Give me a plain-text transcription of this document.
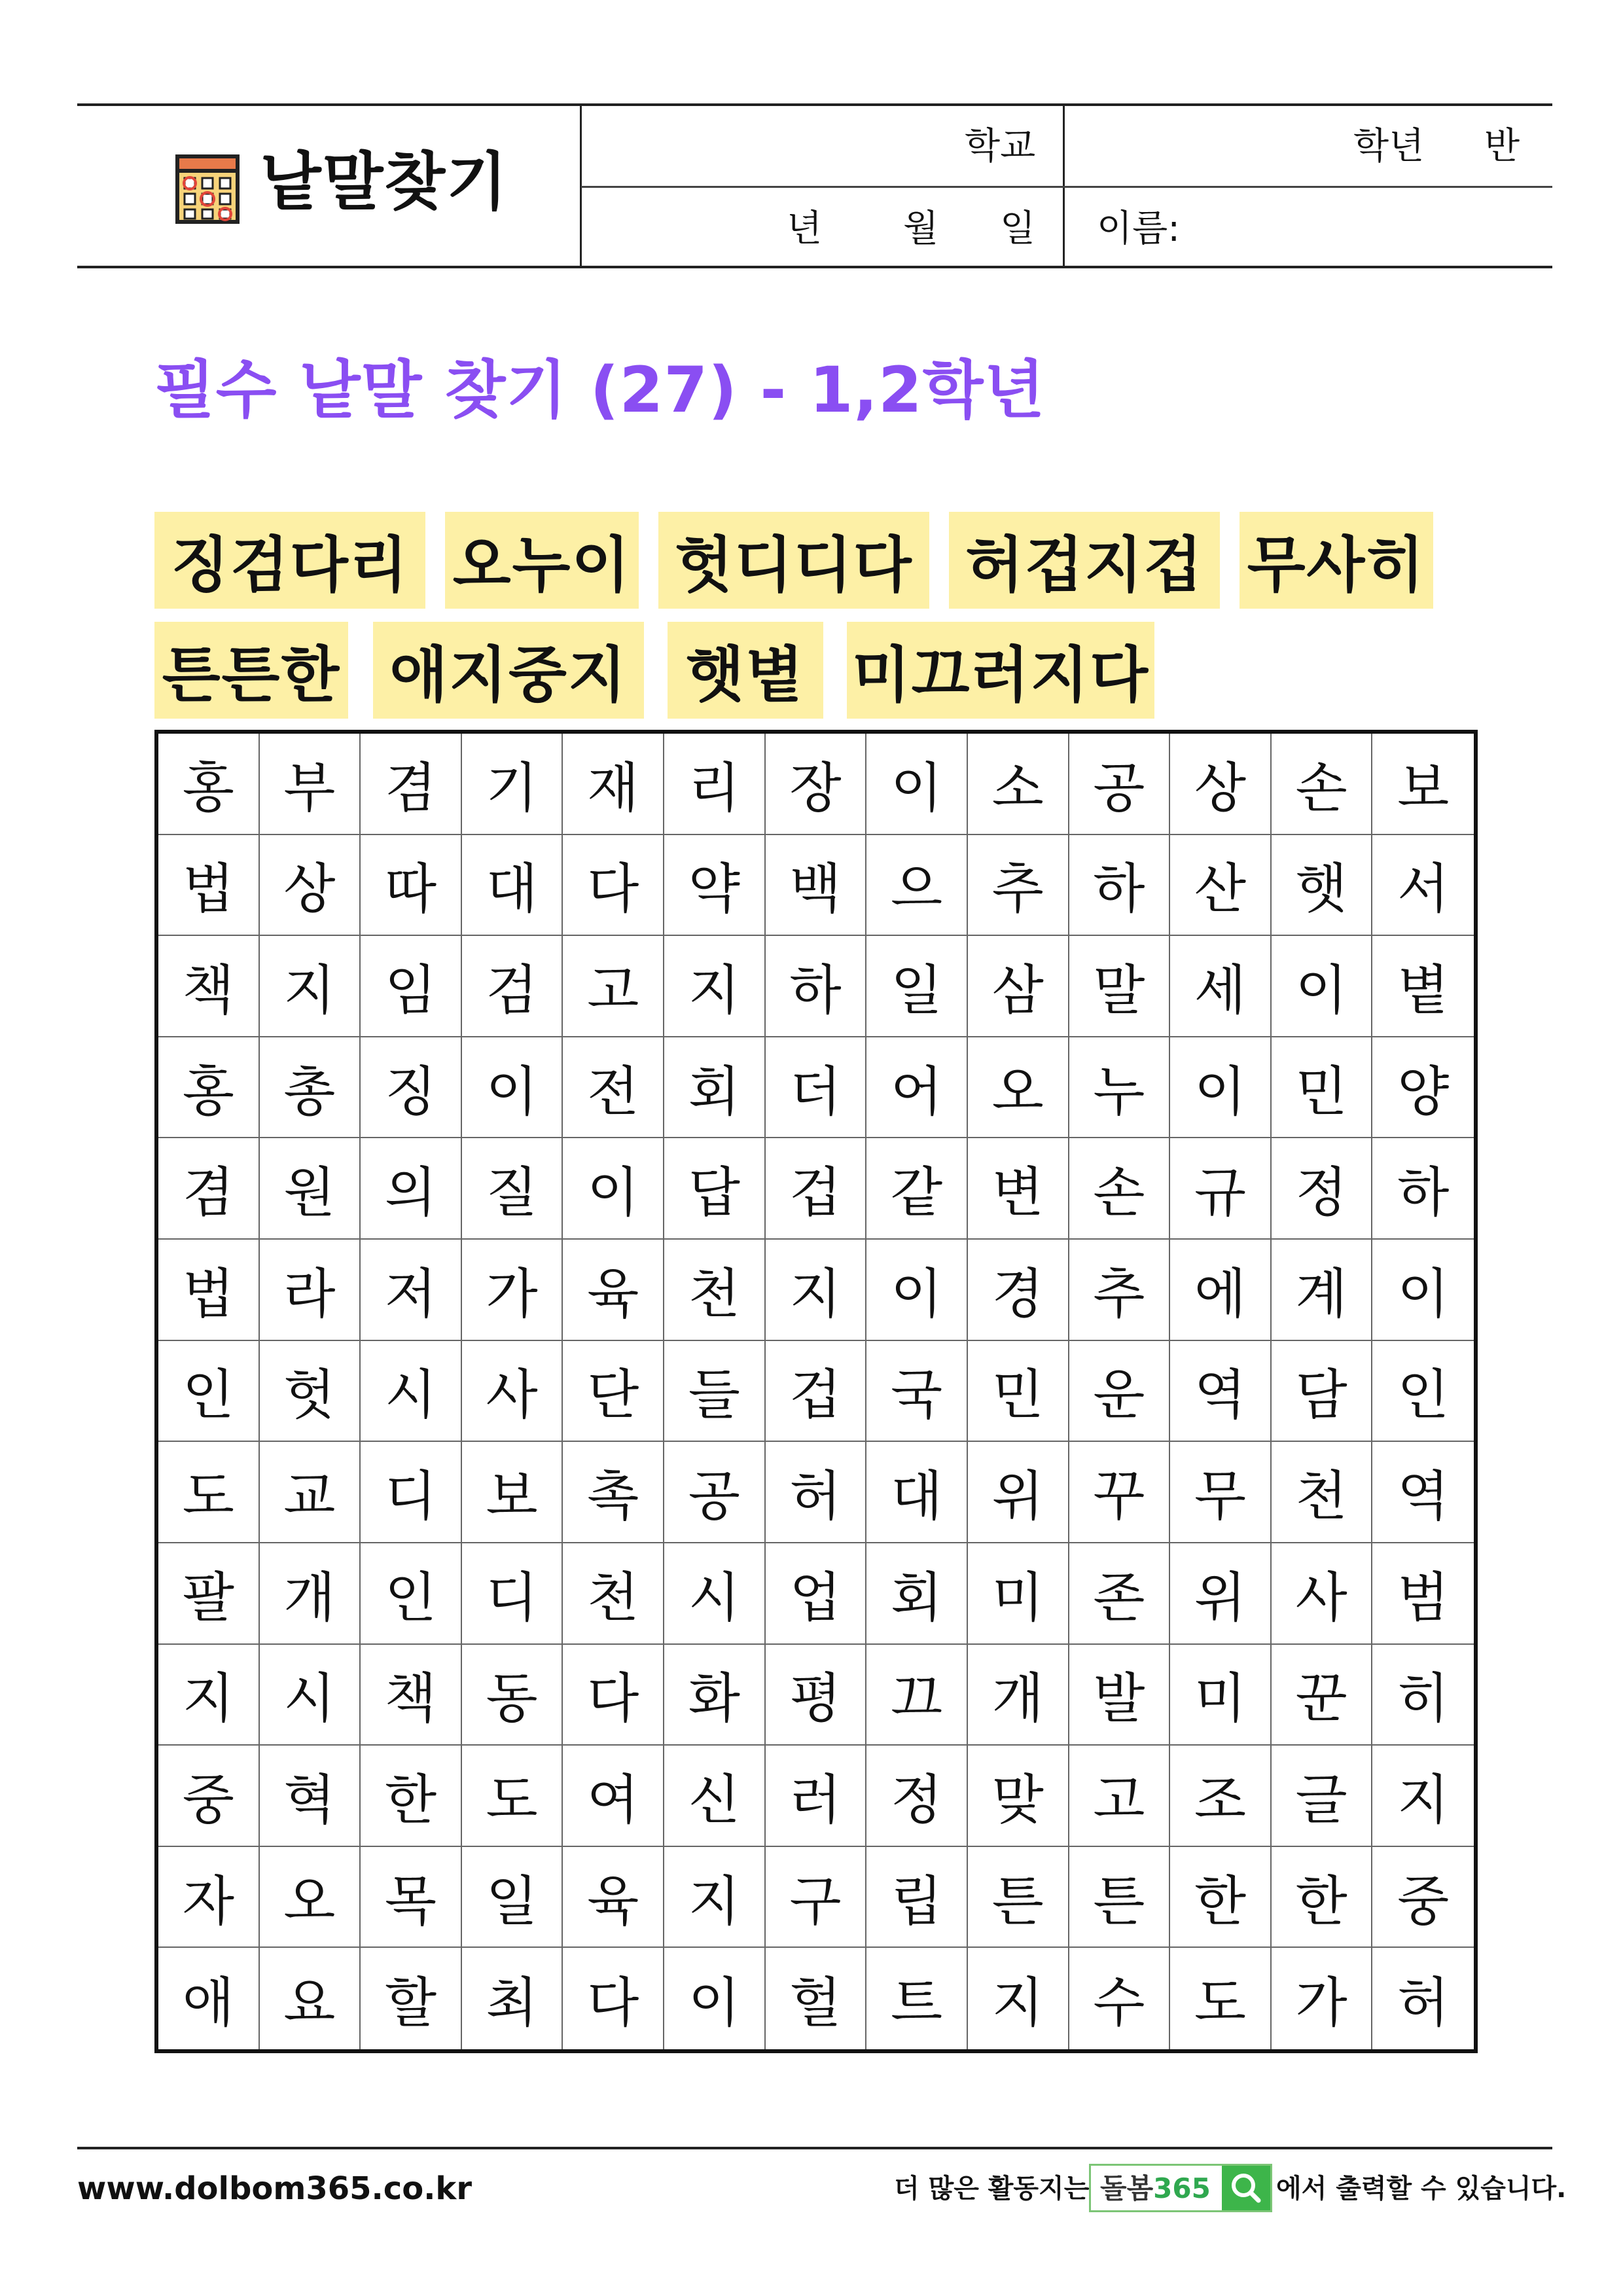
낱말찾기	학교	학년 반
년 월 일 이름:
필수 낱말 찾기 (27) - 1,2학년
징검다리 오누이 헛디디다 허겁지겁 무사히
튼튼한 애지중지 햇볕 미끄러지다
홍 부 겸 기 재 리 장 이 소 공 상 손 보
법 상 따 대 다 약 백 으 추 하 산 햇 서
책 지 임 검 고 지 하 일 삼 말 세 이 볕
홍 총 징 이 전 회 더 어 오 누 이 민 양
겸 원 의 질 이 답 겁 같 변 손 규 정 하
법 라 저 가 육 천 지 이 경 추 에 계 이
인 헛 시 사 단 들 겁 국 민 운 역 담 인
도 교 디 보 촉 공 허 대 위 꾸 무 천 역
팔 개 인 디 천 시 업 회 미 존 위 사 범
지 시 책 동 다 화 평 끄 개 발 미 꾼 히
중 혁 한 도 여 신 러 정 맞 고 조 글 지
자 오 목 일 육 지 구 립 튼 튼 한 한 중
애 요 할 최 다 이 헐 트 지 수 도 가 허
www.dolbom365.co.kr	더 많은 활동지는 돌봄365	에서 출력할 수 있습니다.
